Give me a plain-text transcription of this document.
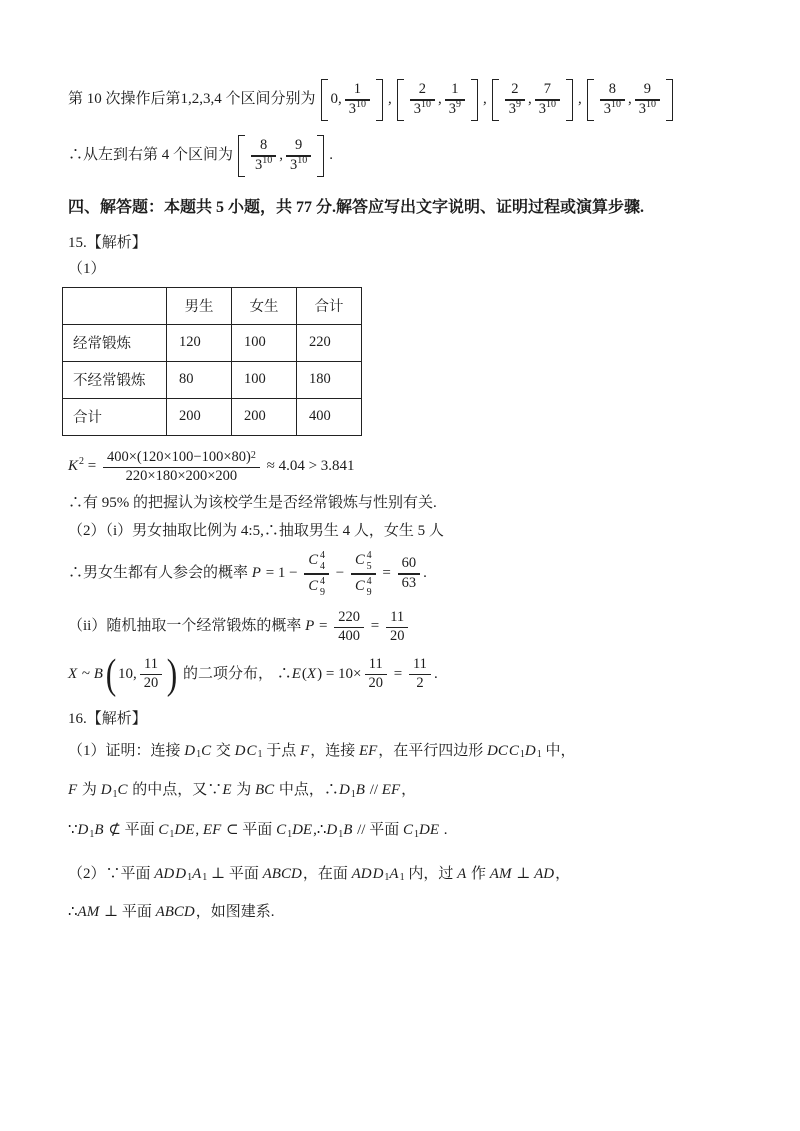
第 10 次操作后第1,2,3,4 个区间分别为 0, $\frac{1}{3 10}$ , $\frac{2}{3 10}$ , $\frac{1}{3 9}$ , $\frac{2}{3 9}$ , $\frac{7}{3 10}$ , $\frac{8}{3 10}$ , $\frac{9}{3 10}$
∴从左到右第 4 个区间为 $\frac{8}{3 10}$ , $\frac{9}{3 10}$ .
四、解答题：本题共 5 小题，共 77 分.解答应写出文字说明、证明过程或演算步骤.
15.【解析】
（1）
	男生	女生	合计
经常锻炼	120	100	220
不经常锻炼	80	100	180
合计	200	200	400
K $2 = \frac{400\times(120\times 100-100\times 80) 2}{220\times 180\times 200\times 200} \approx 4.04 > 3.841$
∴有 95% 的把握认为该校学生是否经常锻炼与性别有关.
（2）（i）男女抽取比例为 4:5,∴抽取男生 4 人，女生 5 人
∴男女生都有人参会的概率 P = 1 − C 4
4
C 4
9 − C 4
5
C 4
$9 = \frac{60}{63}$ .
（ii）随机抽取一个经常锻炼的概率 $P = \frac{220}{400} = \frac{11}{20}$
X ~ B ( 10, $\frac{11}{20}$ ) 的二项分布， ∴ E ( X ) = $10\times \frac{11}{20} = \frac{11}{2}$ .
16.【解析】
（1）证明：连接 D 1 C 交 D C 1 于点 F ，连接 EF ，在平行四边形 DC C 1 D 1 中，
F 为 D 1 C 的中点，又∵ E 为 BC 中点，∴ D 1 B // EF ，
∵ D 1 B ⊄ 平面 C 1 DE , EF ⊂ 平面 C 1 DE ,∴ D 1 B // 平面 C 1 DE .
（2）∵平面 AD D 1 A 1 ⊥ 平面 ABCD ，在面 AD D 1 A 1 内，过 A 作 AM ⊥ AD ，
∴ AM ⊥ 平面 ABCD ，如图建系.
